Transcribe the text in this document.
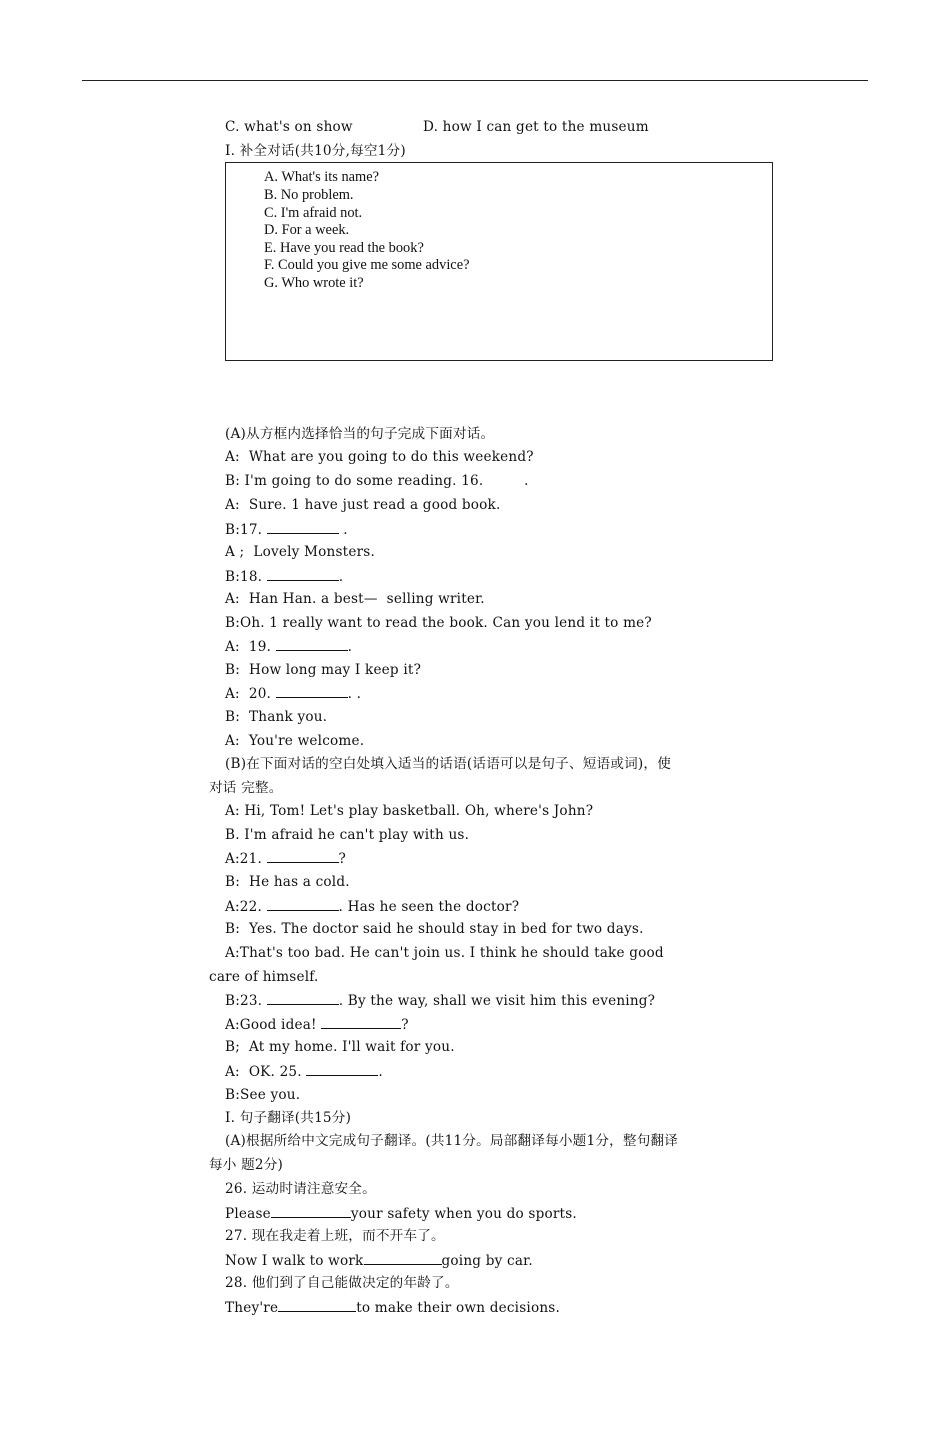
C. what's on show	D. how I can get to the museum
I. 补全对话(共10分,每空1分)
A. What's its name?
B. No problem.
C. I'm afraid not.
D. For a week.
E. Have you read the book?
F. Could you give me some advice?
G. Who wrote it?
(A)从方框内选择恰当的句子完成下面对话。
A:  What are you going to do this weekend?
B: I'm going to do some reading. 16.         .
A:  Sure. 1 have just read a good book.
B:17.	.
A ;  Lovely Monsters.
B:18.	.
A:  Han Han. a best—  selling writer.
B:Oh. 1 really want to read the book. Can you lend it to me?
A:  19.	.
B:  How long may I keep it?
A:  20.	. .
B:  Thank you.
A:  You're welcome.
(B)在下面对话的空白处填入适当的话语(话语可以是句子、短语或词)，使
对话 完整。
A: Hi, Tom! Let's play basketball. Oh, where's John?
B. I'm afraid he can't play with us.
A:21.	?
B:  He has a cold.
A:22.	. Has he seen the doctor?
B:  Yes. The doctor said he should stay in bed for two days.
A:That's too bad. He can't join us. I think he should take good
care of himself.
B:23.	. By the way, shall we visit him this evening?
A:Good idea!	?
B;  At my home. I'll wait for you.
A:  OK. 25.	.
B:See you.
I. 句子翻译(共15分)
(A)根据所给中文完成句子翻译。(共11分。局部翻译每小题1分，整句翻译
每小 题2分)
26. 运动时请注意安全。
Please	your safety when you do sports.
27. 现在我走着上班，而不开车了。
Now I walk to work	going by car.
28. 他们到了自己能做决定的年龄了。
They're	to make their own decisions.
